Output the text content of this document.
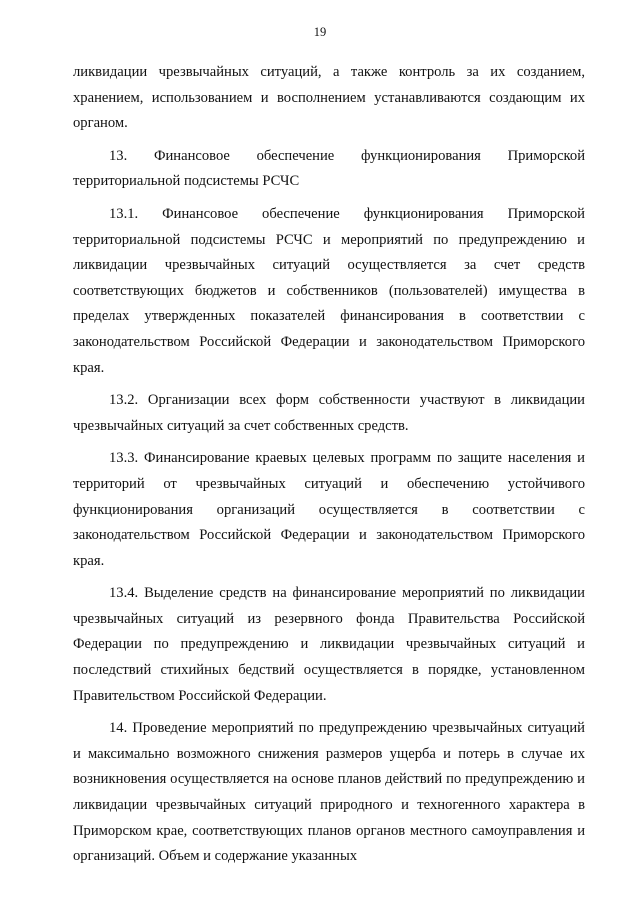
19

ликвидации чрезвычайных ситуаций, а также контроль за их созданием, хранением, использованием и восполнением устанавливаются создающим их органом.

13. Финансовое обеспечение функционирования Приморской территориальной подсистемы РСЧС

13.1. Финансовое обеспечение функционирования Приморской территориальной подсистемы РСЧС и мероприятий по предупреждению и ликвидации чрезвычайных ситуаций осуществляется за счет средств соответствующих бюджетов и собственников (пользователей) имущества в пределах утвержденных показателей финансирования в соответствии с законодательством Российской Федерации и законодательством Приморского края.

13.2. Организации всех форм собственности участвуют в ликвидации чрезвычайных ситуаций за счет собственных средств.

13.3. Финансирование краевых целевых программ по защите населения и территорий от чрезвычайных ситуаций и обеспечению устойчивого функционирования организаций осуществляется в соответствии с законодательством Российской Федерации и законодательством Приморского края.

13.4. Выделение средств на финансирование мероприятий по ликвидации чрезвычайных ситуаций из резервного фонда Правительства Российской Федерации по предупреждению и ликвидации чрезвычайных ситуаций и последствий стихийных бедствий осуществляется в порядке, установленном Правительством Российской Федерации.

14. Проведение мероприятий по предупреждению чрезвычайных ситуаций и максимально возможного снижения размеров ущерба и потерь в случае их возникновения осуществляется на основе планов действий по предупреждению и ликвидации чрезвычайных ситуаций природного и техногенного характера в Приморском крае, соответствующих планов органов местного самоуправления и организаций. Объем и содержание указанных
